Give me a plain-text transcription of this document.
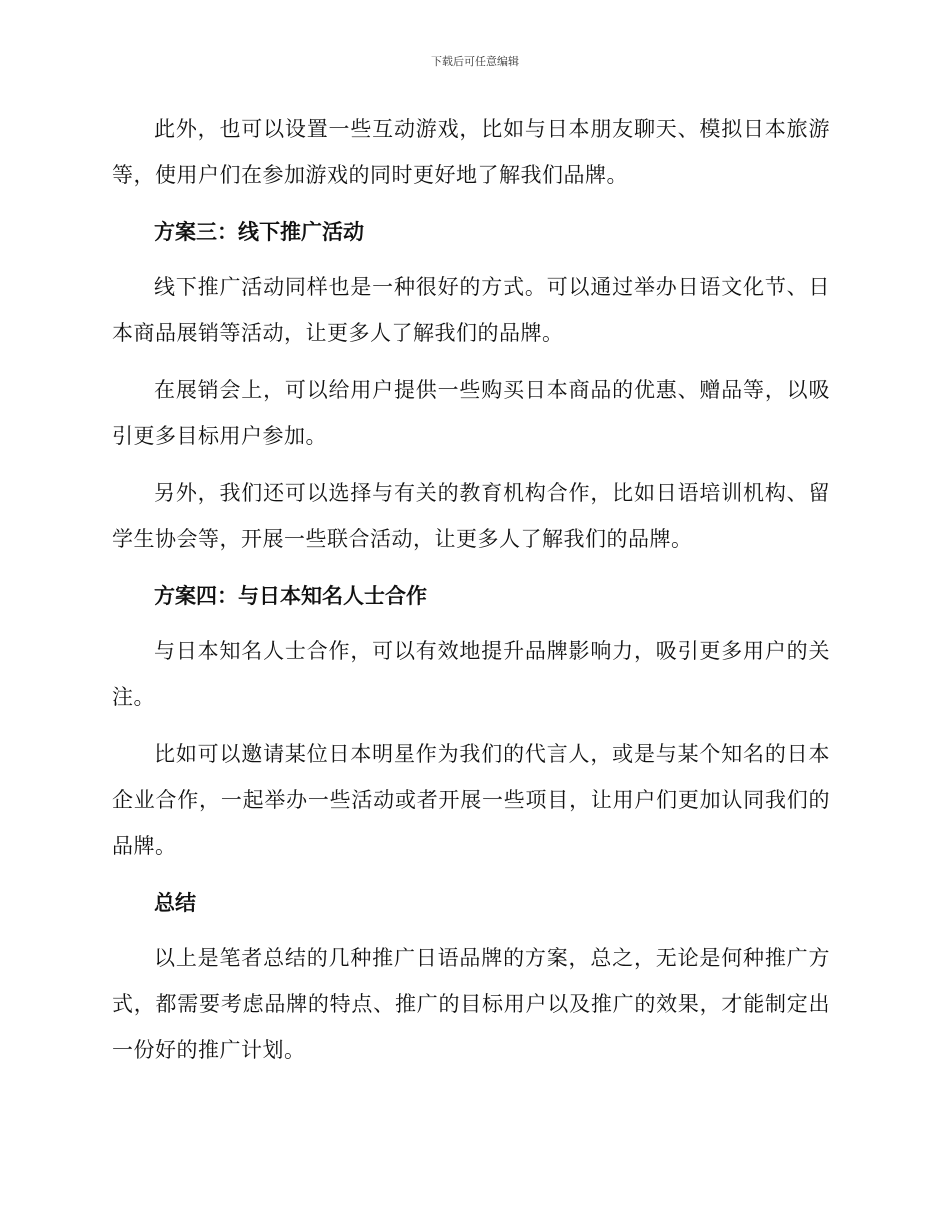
下载后可任意编辑

此外，也可以设置一些互动游戏，比如与日本朋友聊天、模拟日本旅游等，使用户们在参加游戏的同时更好地了解我们品牌。

方案三：线下推广活动

线下推广活动同样也是一种很好的方式。可以通过举办日语文化节、日本商品展销等活动，让更多人了解我们的品牌。

在展销会上，可以给用户提供一些购买日本商品的优惠、赠品等，以吸引更多目标用户参加。

另外，我们还可以选择与有关的教育机构合作，比如日语培训机构、留学生协会等，开展一些联合活动，让更多人了解我们的品牌。

方案四：与日本知名人士合作

与日本知名人士合作，可以有效地提升品牌影响力，吸引更多用户的关注。

比如可以邀请某位日本明星作为我们的代言人，或是与某个知名的日本企业合作，一起举办一些活动或者开展一些项目，让用户们更加认同我们的品牌。

总结

以上是笔者总结的几种推广日语品牌的方案，总之，无论是何种推广方式，都需要考虑品牌的特点、推广的目标用户以及推广的效果，才能制定出一份好的推广计划。
